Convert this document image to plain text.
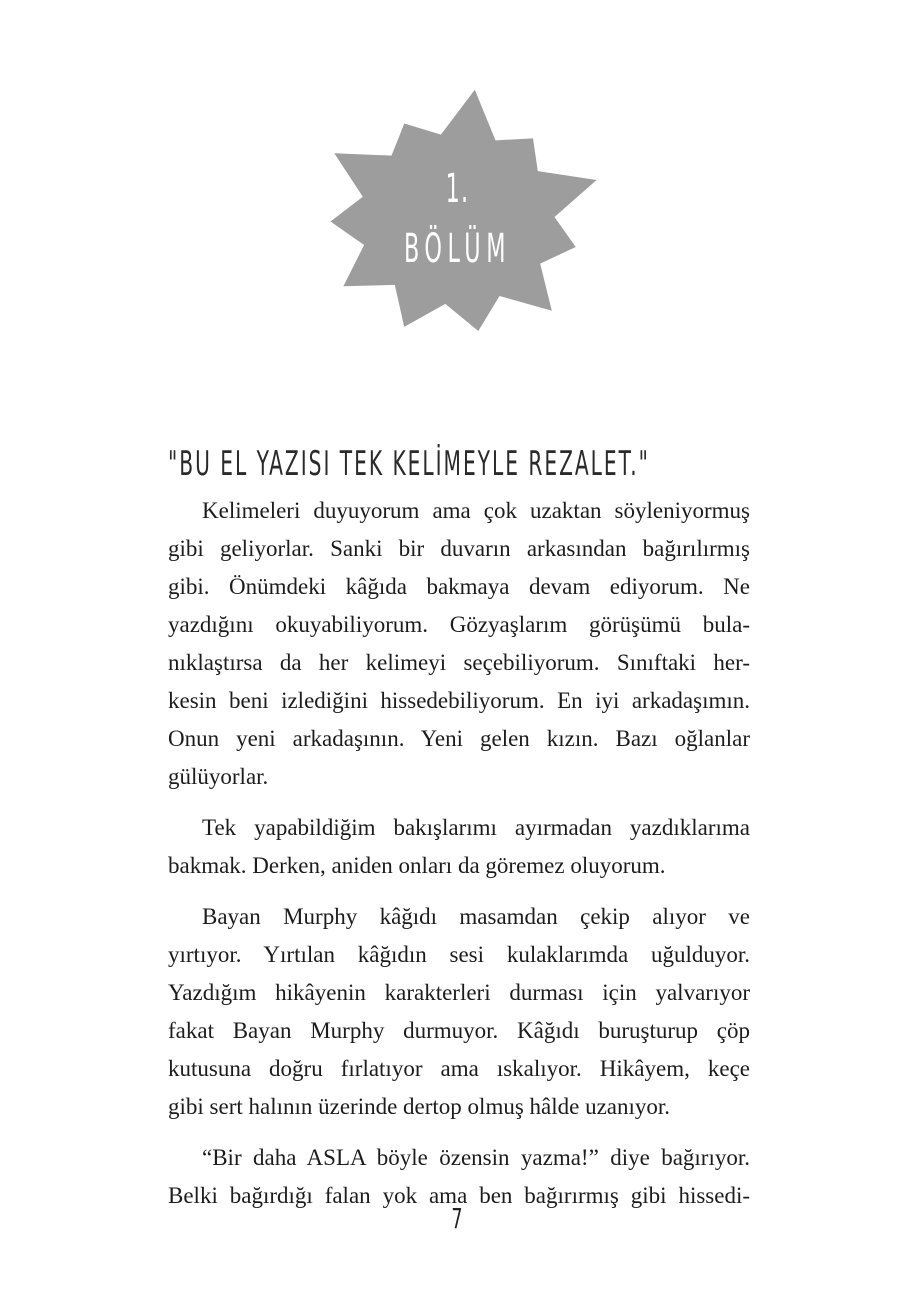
1.
BÖLÜM
"BU EL YAZISI TEK KELİMEYLE REZALET."
Kelimeleri duyuyorum ama çok uzaktan söyleniyormuş
gibi geliyorlar. Sanki bir duvarın arkasından bağırılırmış
gibi. Önümdeki kâğıda bakmaya devam ediyorum. Ne
yazdığını okuyabiliyorum. Gözyaşlarım görüşümü bula-
nıklaştırsa da her kelimeyi seçebiliyorum. Sınıftaki her-
kesin beni izlediğini hissedebiliyorum. En iyi arkadaşımın.
Onun yeni arkadaşının. Yeni gelen kızın. Bazı oğlanlar
gülüyorlar.
Tek yapabildiğim bakışlarımı ayırmadan yazdıklarıma
bakmak. Derken, aniden onları da göremez oluyorum.
Bayan Murphy kâğıdı masamdan çekip alıyor ve
yırtıyor. Yırtılan kâğıdın sesi kulaklarımda uğulduyor.
Yazdığım hikâyenin karakterleri durması için yalvarıyor
fakat Bayan Murphy durmuyor. Kâğıdı buruşturup çöp
kutusuna doğru fırlatıyor ama ıskalıyor. Hikâyem, keçe
gibi sert halının üzerinde dertop olmuş hâlde uzanıyor.
“Bir daha ASLA böyle özensin yazma!” diye bağırıyor.
Belki bağırdığı falan yok ama ben bağırırmış gibi hissedi-
7
